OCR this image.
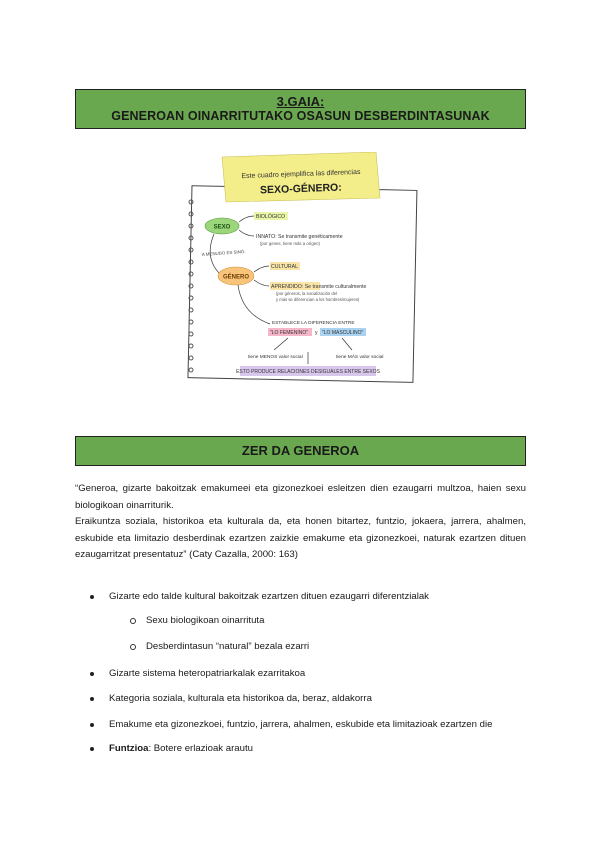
3.GAIA:
GENEROAN OINARRITUTAKO OSASUN DESBERDINTASUNAK
Este cuadro ejemplifica las diferencias
SEXO-GÉNERO:
SEXO
BIOLÓGICO
INNATO: Se transmite genéticamente
(por genes, tiene más a orígen)
A MENUDO ES SINÓ.
GÉNERO
CULTURAL
APRENDIDO: Se transmite culturalmente
(por géneros, la socialización del
y más se diferencian a los hombres/mujeres)
ESTABLECE LA DIFERENCIA ENTRE
"LO FEMENINO" y "LO MASCULINO"
tiene MENOS valor social	tiene MÁS valor social
ESTO PRODUCE RELACIONES DESIGUALES ENTRE SEXOS
ZER DA GENEROA

“Generoa, gizarte bakoitzak emakumeei eta gizonezkoei esleitzen dien ezaugarri multzoa, haien sexu biologikoan oinarriturik.

Eraikuntza soziala, historikoa eta kulturala da, eta honen bitartez, funtzio, jokaera, jarrera, ahalmen, eskubide eta limitazio desberdinak ezartzen zaizkie emakume eta gizonezkoei, naturak ezartzen dituen ezaugarritzat presentatuz” (Caty Cazalla, 2000: 163)

Gizarte edo talde kultural bakoitzak ezartzen dituen ezaugarri diferentzialak
Sexu biologikoan oinarrituta
Desberdintasun “natural” bezala ezarri
Gizarte sistema heteropatriarkalak ezarritakoa
Kategoria soziala, kulturala eta historikoa da, beraz, aldakorra
Emakume eta gizonezkoei, funtzio, jarrera, ahalmen, eskubide eta limitazioak ezartzen die
Funtzioa: Botere erlazioak arautu
